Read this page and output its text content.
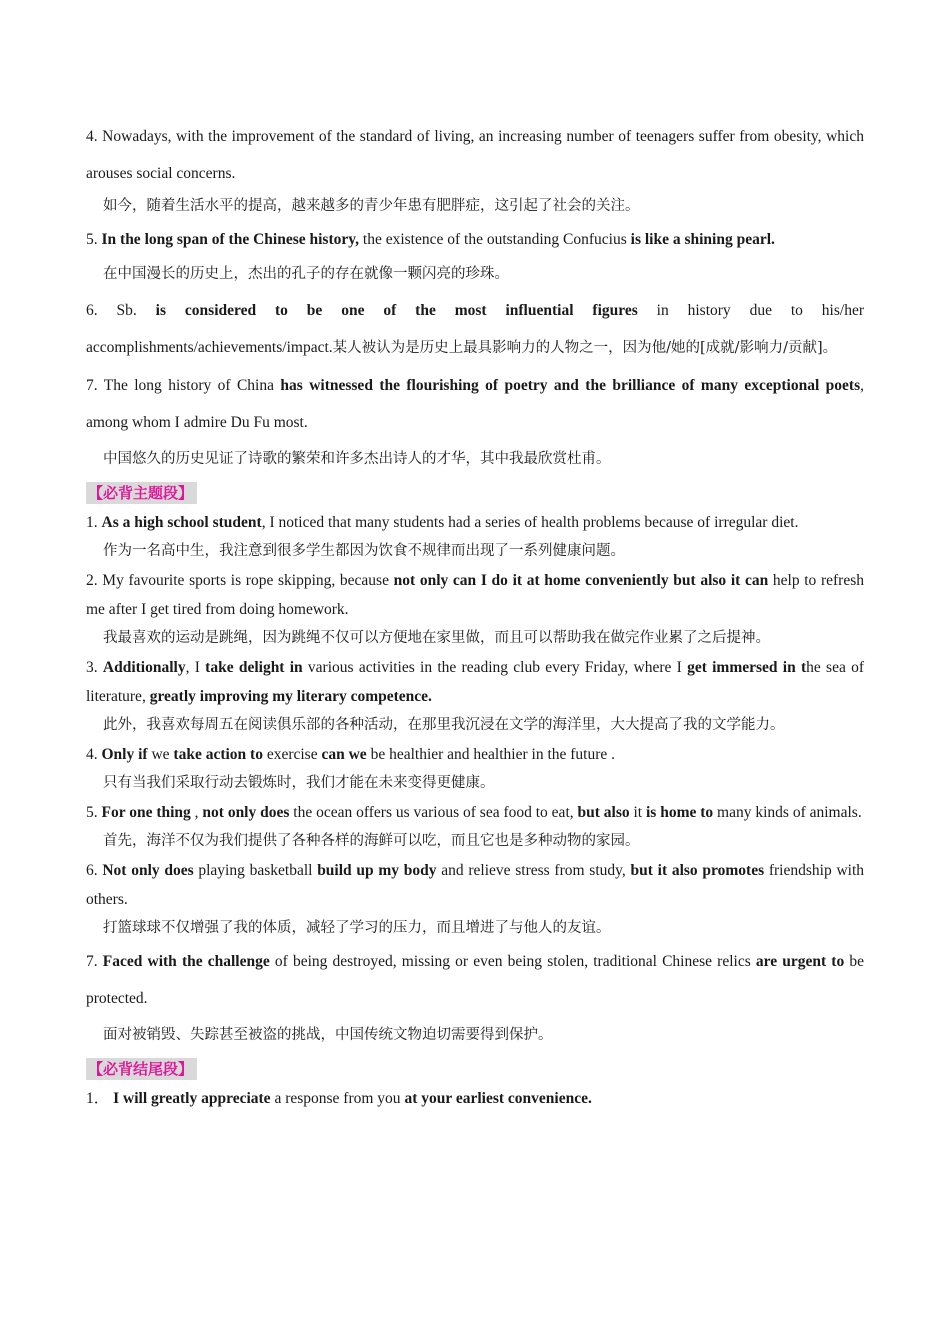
4. Nowadays, with the improvement of the standard of living, an increasing number of teenagers suffer from obesity, which arouses social concerns.

如今，随着生活水平的提高，越来越多的青少年患有肥胖症，这引起了社会的关注。

5. In the long span of the Chinese history, the existence of the outstanding Confucius is like a shining pearl.

在中国漫长的历史上，杰出的孔子的存在就像一颗闪亮的珍珠。

6. Sb. is considered to be one of the most influential figures in history due to his/her accomplishments/achievements/impact.某人被认为是历史上最具影响力的人物之一，因为他/她的[成就/影响力/贡献]。

7. The long history of China has witnessed the flourishing of poetry and the brilliance of many exceptional poets, among whom I admire Du Fu most.

中国悠久的历史见证了诗歌的繁荣和许多杰出诗人的才华，其中我最欣赏杜甫。

【必背主题段】

1. As a high school student, I noticed that many students had a series of health problems because of irregular diet.

作为一名高中生，我注意到很多学生都因为饮食不规律而出现了一系列健康问题。

2. My favourite sports is rope skipping, because not only can I do it at home conveniently but also it can help to refresh me after I get tired from doing homework.

我最喜欢的运动是跳绳，因为跳绳不仅可以方便地在家里做，而且可以帮助我在做完作业累了之后提神。

3. Additionally, I take delight in various activities in the reading club every Friday, where I get immersed in the sea of literature, greatly improving my literary competence.

此外，我喜欢每周五在阅读俱乐部的各种活动，在那里我沉浸在文学的海洋里，大大提高了我的文学能力。

4. Only if we take action to exercise can we be healthier and healthier in the future .

只有当我们采取行动去锻炼时，我们才能在未来变得更健康。

5. For one thing , not only does the ocean offers us various of sea food to eat, but also it is home to many kinds of animals.

首先，海洋不仅为我们提供了各种各样的海鲜可以吃，而且它也是多种动物的家园。

6. Not only does playing basketball build up my body and relieve stress from study, but it also promotes friendship with others.

打篮球球不仅增强了我的体质，减轻了学习的压力，而且增进了与他人的友谊。

7. Faced with the challenge of being destroyed, missing or even being stolen, traditional Chinese relics are urgent to be protected.

面对被销毁、失踪甚至被盗的挑战，中国传统文物迫切需要得到保护。

【必背结尾段】

1． I will greatly appreciate a response from you at your earliest convenience.
